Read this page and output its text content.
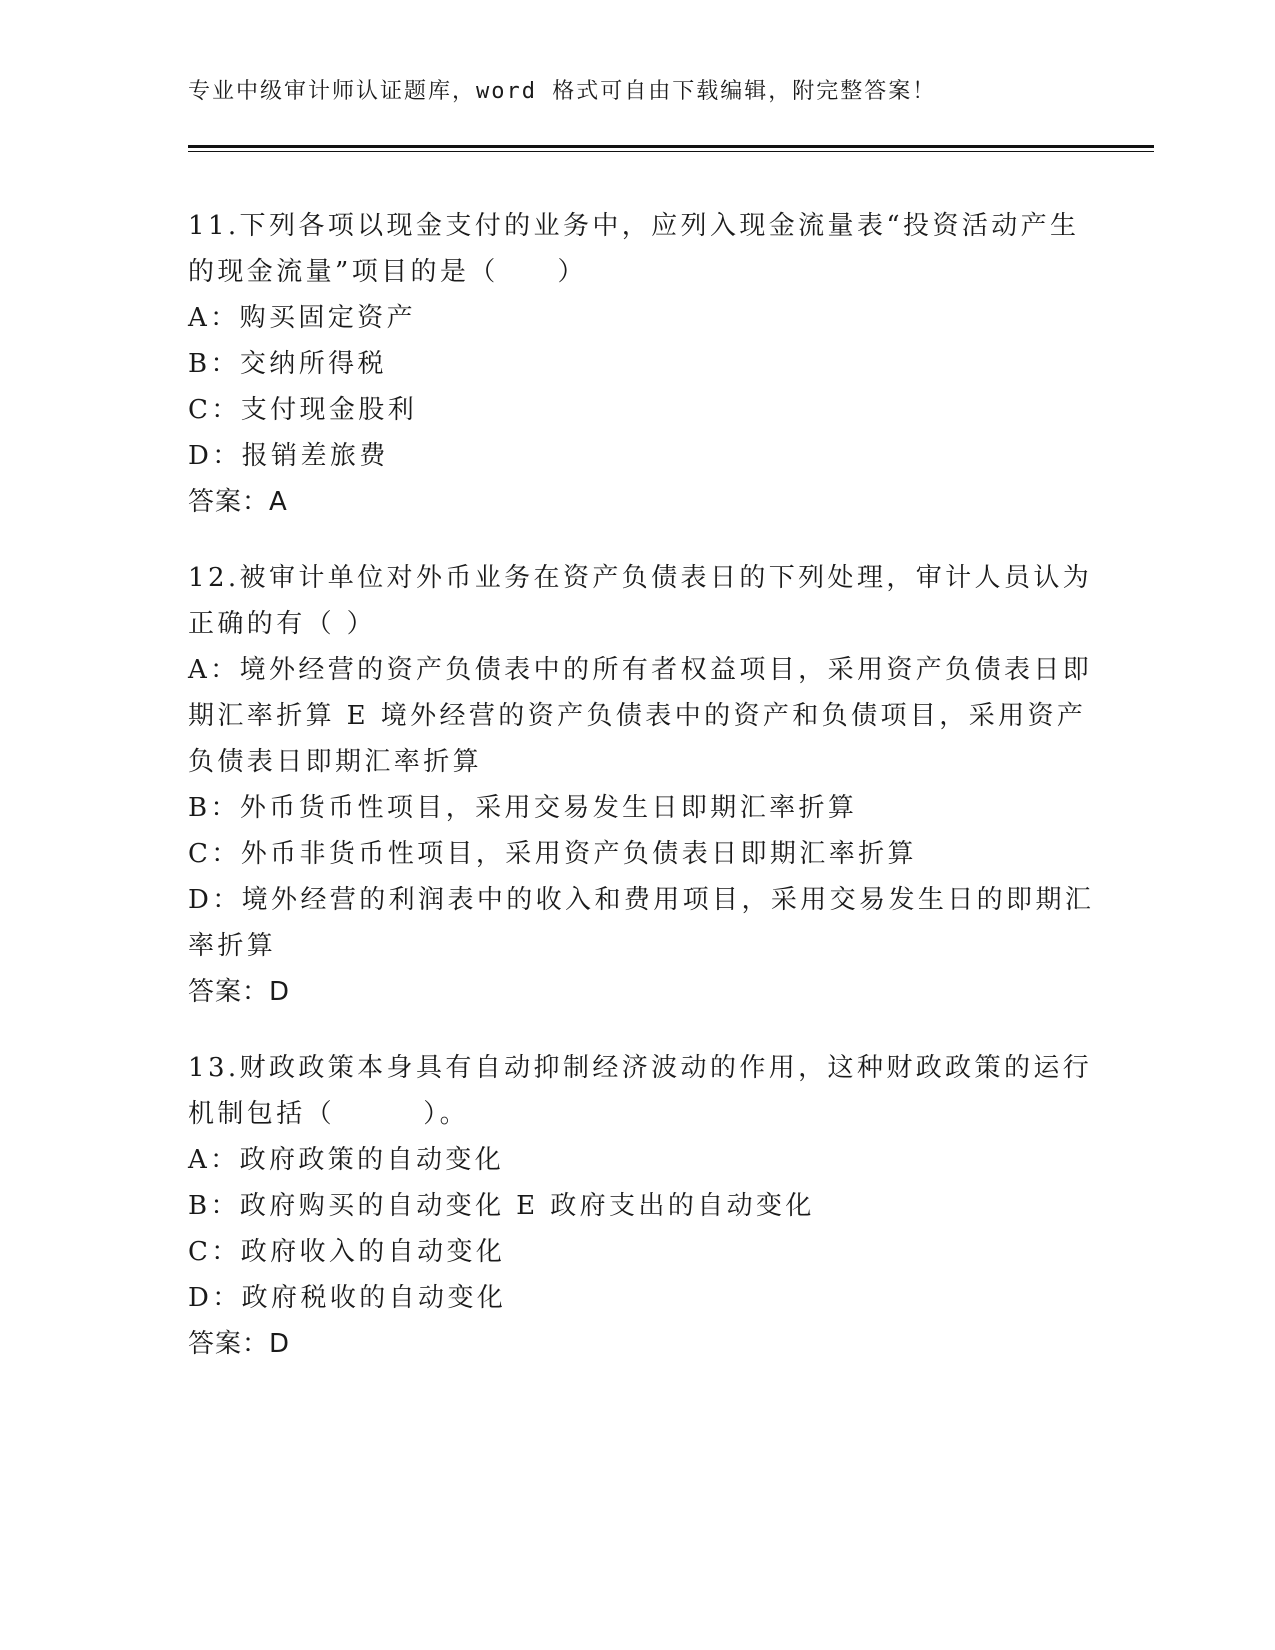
专业中级审计师认证题库，word 格式可自由下载编辑，附完整答案！
11.下列各项以现金支付的业务中，应列入现金流量表“投资活动产生
的现金流量”项目的是（　　）
A：购买固定资产
B：交纳所得税
C：支付现金股利
D：报销差旅费
答案：A
12.被审计单位对外币业务在资产负债表日的下列处理，审计人员认为
正确的有（ ）
A：境外经营的资产负债表中的所有者权益项目，采用资产负债表日即
期汇率折算 E 境外经营的资产负债表中的资产和负债项目，采用资产
负债表日即期汇率折算
B：外币货币性项目，采用交易发生日即期汇率折算
C：外币非货币性项目，采用资产负债表日即期汇率折算
D：境外经营的利润表中的收入和费用项目，采用交易发生日的即期汇
率折算
答案：D
13.财政政策本身具有自动抑制经济波动的作用，这种财政政策的运行
机制包括（　　　）。
A：政府政策的自动变化
B：政府购买的自动变化 E 政府支出的自动变化
C：政府收入的自动变化
D：政府税收的自动变化
答案：D
